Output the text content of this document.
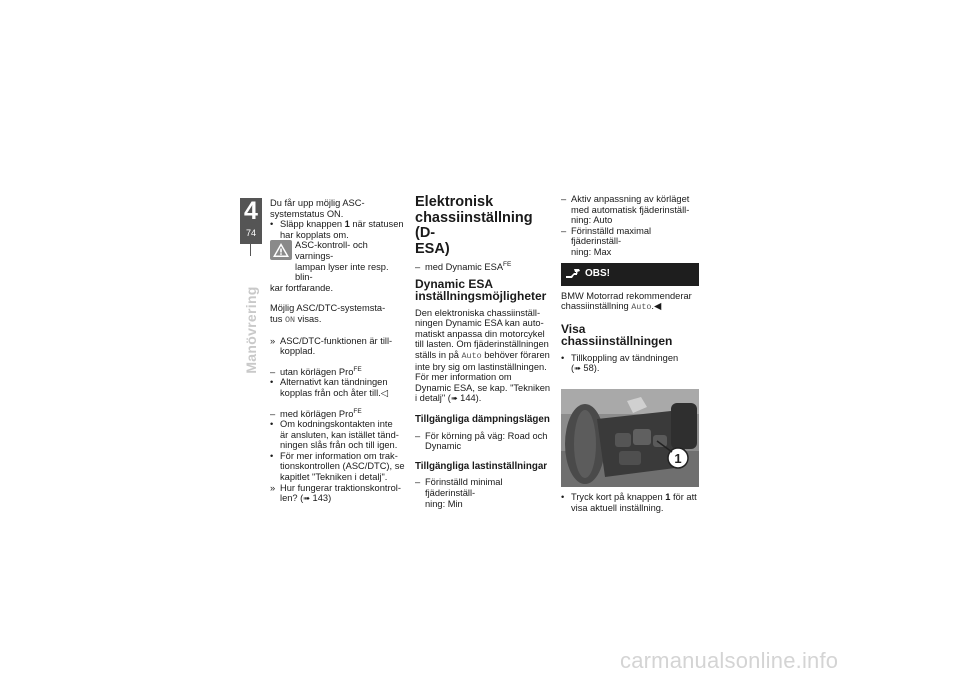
4
74
Manövrering

Du får upp möjlig ASC-

systemstatus ON.

• Släpp knappen 1 när statusen
har kopplats om.
ASC-kontroll- och varnings-
lampan lyser inte resp. blin-

kar fortfarande.

Möjlig ASC/DTC-systemsta-

tus ON visas.

» ASC/DTC-funktionen är till-
kopplad.
– utan körlägen Pro$^{FE}$
• Alternativt kan tändningen
kopplas från och åter till.◁
– med körlägen Pro$^{FE}$
• Om kodningskontakten inte
är ansluten, kan istället tänd-
ningen slås från och till igen.
• För mer information om trak-
tionskontrollen (ASC/DTC), se
kapitlet "Tekniken i detalj".
» Hur fungerar traktionskontrol-
len? (➠ 143)

Elektronisk
chassiinställning (D-
ESA)

– med Dynamic $ESA^{FE}$

Dynamic ESA
inställningsmöjligheter

Den elektroniska chassiinställ-
ningen Dynamic ESA kan auto-
matiskt anpassa din motorcykel
till lasten. Om fjäderinställningen
ställs in på Auto behöver föraren
inte bry sig om lastinställningen.
För mer information om
Dynamic ESA, se kap. "Tekniken
i detalj" (➠ 144).

Tillgängliga dämpningslägen

– För körning på väg: Road och
Dynamic

Tillgängliga lastinställningar

– Förinställd minimal fjäderinställ-
ning: Min
– Aktiv anpassning av körläget
med automatisk fjäderinställ-
ning: Auto
– Förinställd maximal fjäderinställ-
ning: Max
OBS!

BMW Motorrad rekommenderar
chassiinställning Auto.◀

Visa chassiinställningen

• Tillkoppling av tändningen
(➠ 58).
1
• Tryck kort på knappen 1 för att
visa aktuell inställning.
carmanualsonline.info
